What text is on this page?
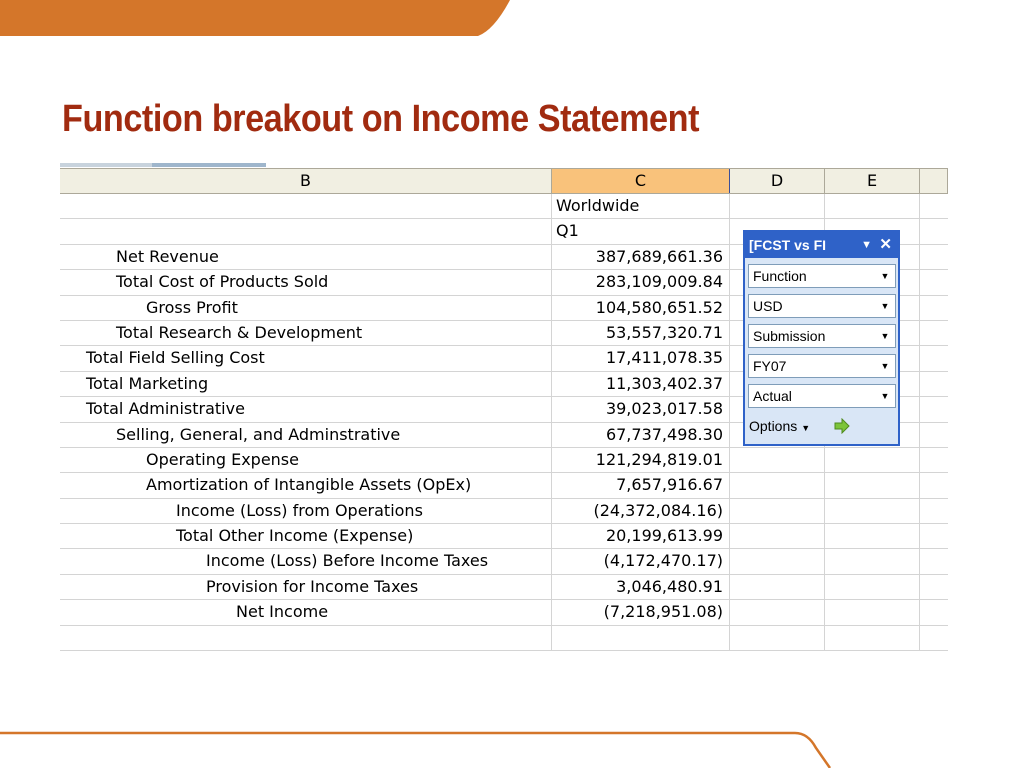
Function breakout on Income Statement
B	C	D	E
Worldwide
Q1
Net Revenue	387,689,661.36
Total Cost of Products Sold	283,109,009.84
Gross Profit	104,580,651.52
Total Research & Development	53,557,320.71
Total Field Selling Cost	17,411,078.35
Total Marketing	11,303,402.37
Total Administrative	39,023,017.58
Selling, General, and Adminstrative	67,737,498.30
Operating Expense	121,294,819.01
Amortization of Intangible Assets (OpEx)	7,657,916.67
Income (Loss) from Operations	(24,372,084.16)
Total Other Income (Expense)	20,199,613.99
Income (Loss) Before Income Taxes	(4,172,470.17)
Provision for Income Taxes	3,046,480.91
Net Income	(7,218,951.08)
[FCST vs FI	▼ ✕
Function	▼
USD	▼
Submission	▼
FY07	▼
Actual	▼
Options ▼
